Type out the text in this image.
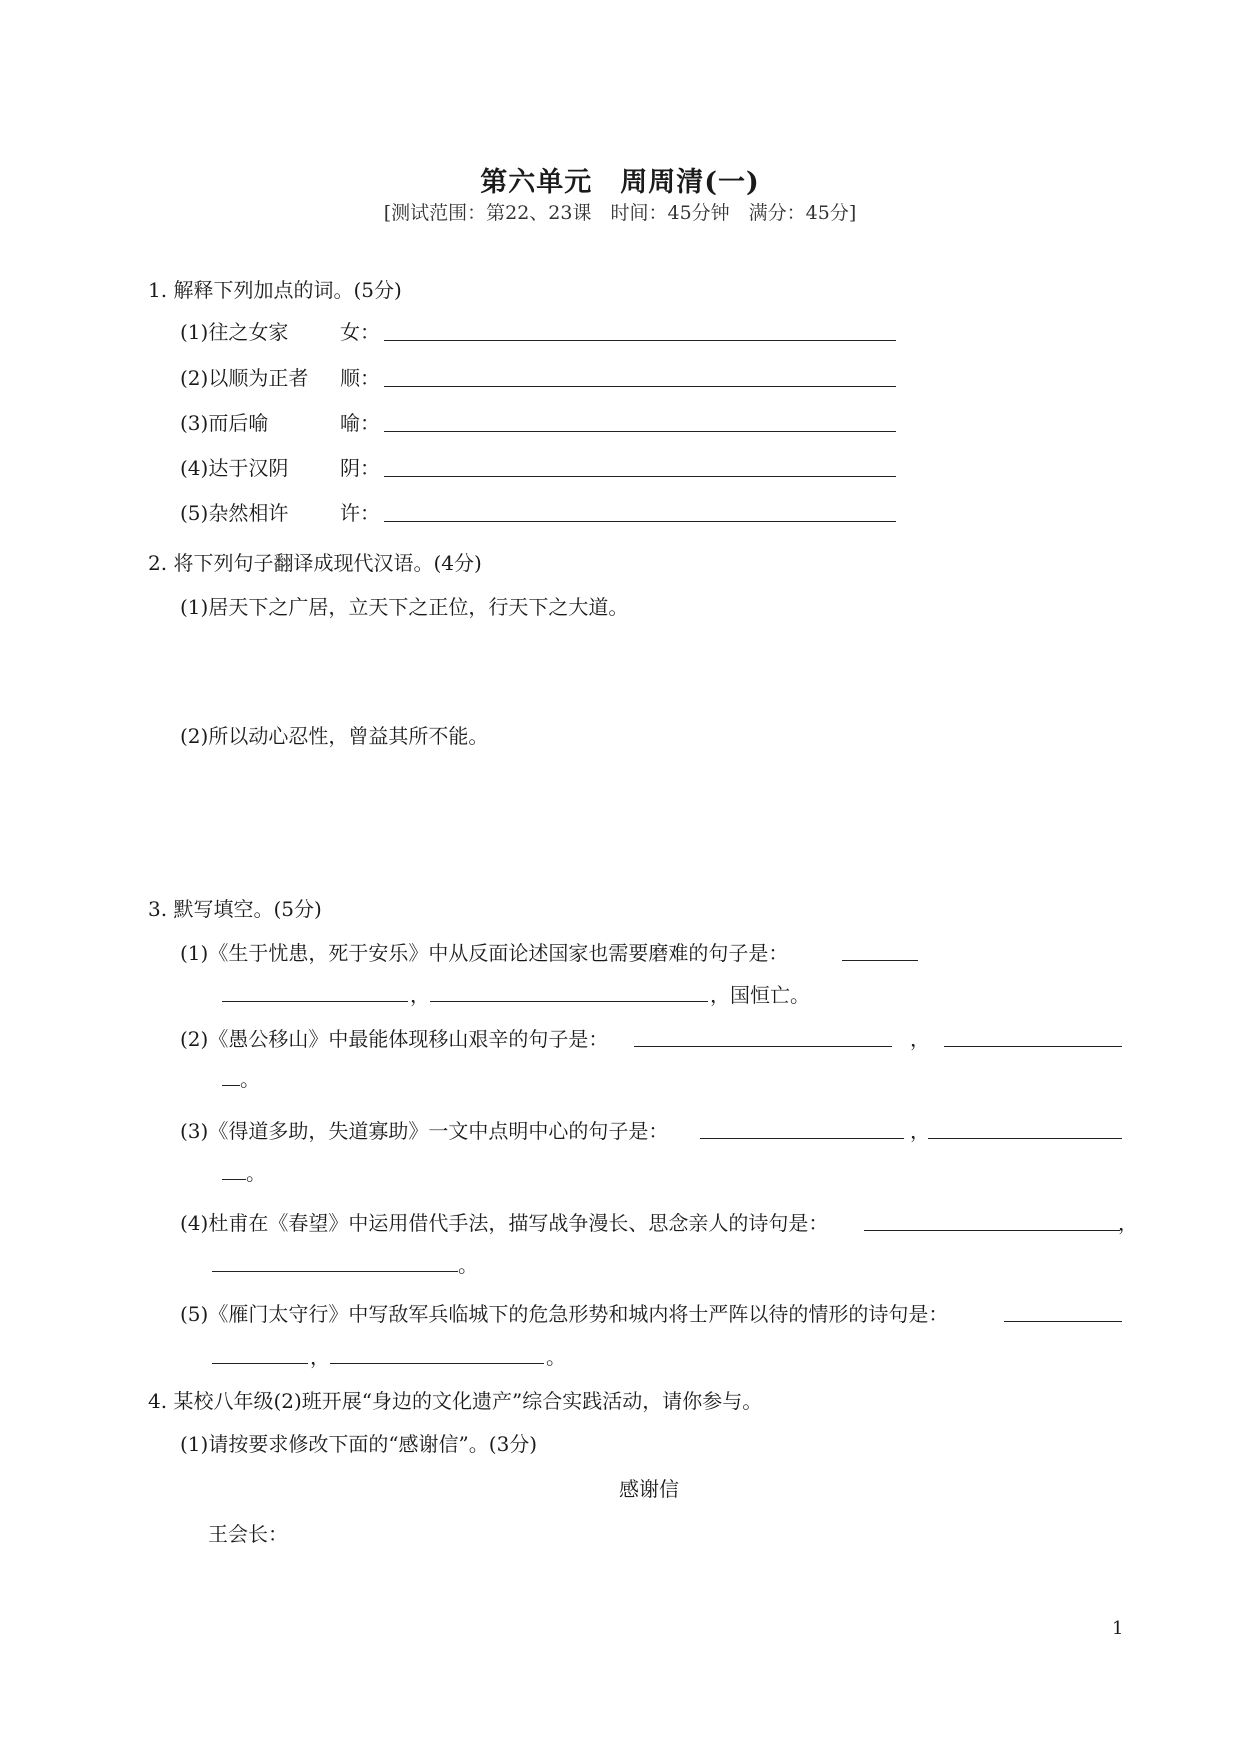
第六单元　周周清(一)
[测试范围：第22、23课　时间：45分钟　满分：45分]
1. 解释下列加点的词。(5分)
(1)往之女家	女：
(2)以顺为正者 顺：
(3)而后喻	喻：
(4)达于汉阴	阴：
(5)杂然相许	许：
2. 将下列句子翻译成现代汉语。(4分)
(1)居天下之广居，立天下之正位，行天下之大道。
(2)所以动心忍性，曾益其所不能。
3. 默写填空。(5分)
(1)《生于忧患，死于安乐》中从反面论述国家也需要磨难的句子是：
，	，国恒亡。
(2)《愚公移山》中最能体现移山艰辛的句子是：	，
。
(3)《得道多助，失道寡助》一文中点明中心的句子是：	，
。
(4)杜甫在《春望》中运用借代手法，描写战争漫长、思念亲人的诗句是：	，
。
(5)《雁门太守行》中写敌军兵临城下的危急形势和城内将士严阵以待的情形的诗句是：
，	。
4. 某校八年级(2)班开展“身边的文化遗产”综合实践活动，请你参与。
(1)请按要求修改下面的“感谢信”。(3分)
感谢信
王会长：
1
